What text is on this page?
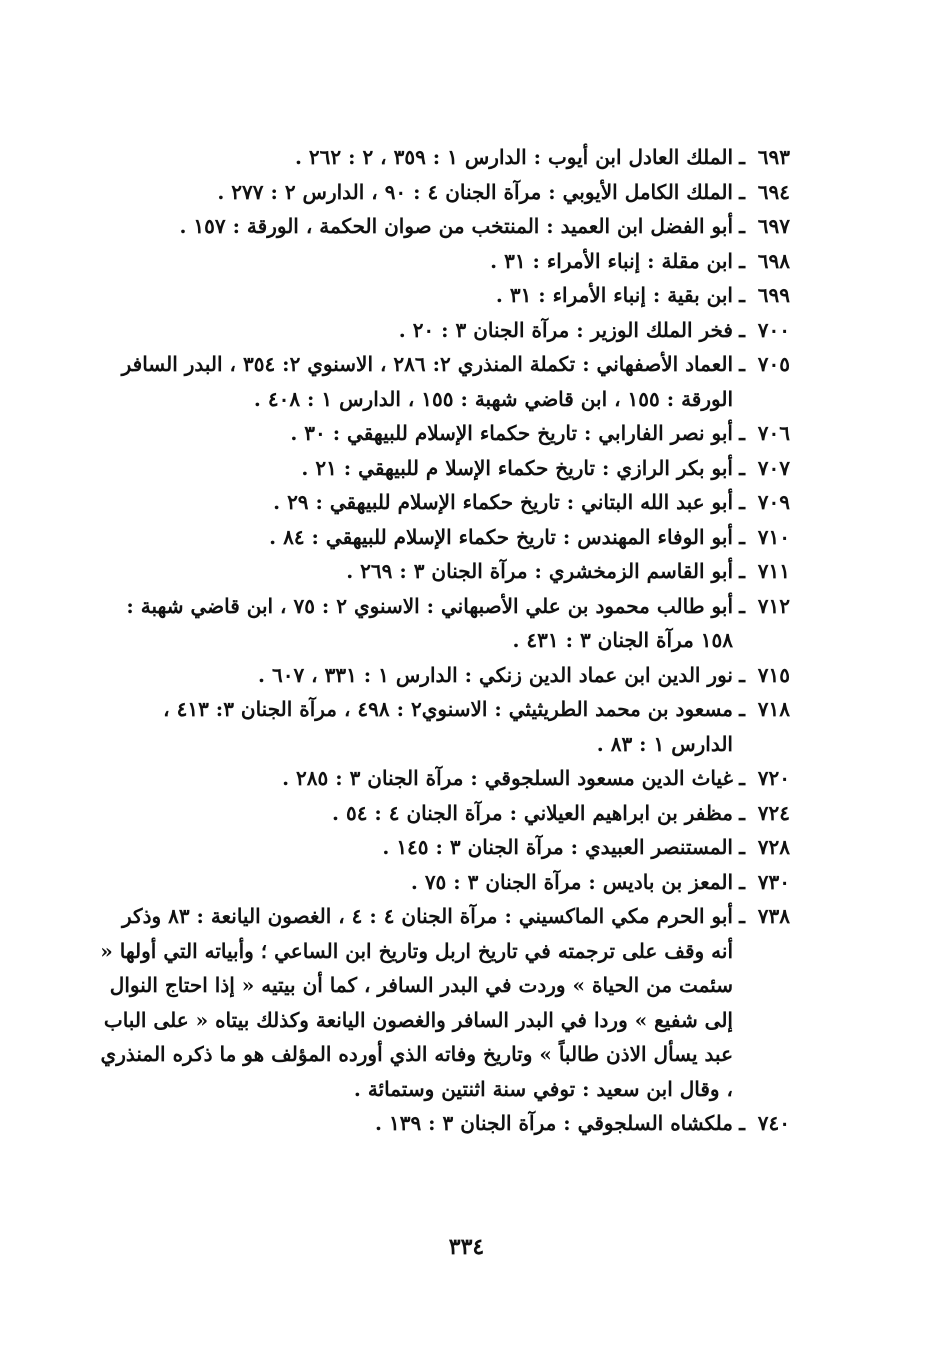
٦٩٣
ـ
الملك العادل ابن أيوب : الدارس ١ : ٣٥٩ ، ٢ : ٢٦٢ .
٦٩٤
ـ
الملك الكامل الأيوبي : مرآة الجنان ٤ : ٩٠ ، الدارس ٢ : ٢٧٧ .
٦٩٧
ـ
أبو الفضل ابن العميد : المنتخب من صوان الحكمة ، الورقة : ١٥٧ .
٦٩٨
ـ
ابن مقلة : إنباء الأمراء : ٣١ .
٦٩٩
ـ
ابن بقية : إنباء الأمراء : ٣١ .
٧٠٠
ـ
فخر الملك الوزير : مرآة الجنان ٣ : ٢٠ .
٧٠٥
ـ
العماد الأصفهاني : تكملة المنذري ٢: ٢٨٦ ، الاسنوي ٢: ٣٥٤ ، البدر السافر الورقة : ١٥٥ ، ابن قاضي شهبة : ١٥٥ ، الدارس ١ : ٤٠٨ .
٧٠٦
ـ
أبو نصر الفارابي : تاريخ حكماء الإسلام للبيهقي : ٣٠ .
٧٠٧
ـ
أبو بكر الرازي : تاريخ حكماء الإسلا م للبيهقي : ٢١ .
٧٠٩
ـ
أبو عبد الله البتاني : تاريخ حكماء الإسلام للبيهقي : ٢٩ .
٧١٠
ـ
أبو الوفاء المهندس : تاريخ حكماء الإسلام للبيهقي : ٨٤ .
٧١١
ـ
أبو القاسم الزمخشري : مرآة الجنان ٣ : ٢٦٩ .
٧١٢
ـ
أبو طالب محمود بن علي الأصبهاني : الاسنوي ٢ : ٧٥ ، ابن قاضي شهبة : ١٥٨ مرآة الجنان ٣ : ٤٣١ .
٧١٥
ـ
نور الدين ابن عماد الدين زنكي : الدارس ١ : ٣٣١ ، ٦٠٧ .
٧١٨
ـ
مسعود بن محمد الطريثيثي : الاسنوي٢ : ٤٩٨ ، مرآة الجنان ٣: ٤١٣ ، الدارس ١ : ٨٣ .
٧٢٠
ـ
غياث الدين مسعود السلجوقي : مرآة الجنان ٣ : ٢٨٥ .
٧٢٤
ـ
مظفر بن ابراهيم العيلاني : مرآة الجنان ٤ : ٥٤ .
٧٢٨
ـ
المستنصر العبيدي : مرآة الجنان ٣ : ١٤٥ .
٧٣٠
ـ
المعز بن باديس : مرآة الجنان ٣ : ٧٥ .
٧٣٨
ـ
أبو الحرم مكي الماكسيني : مرآة الجنان ٤ : ٤ ، الغصون اليانعة : ٨٣ وذكر أنه وقف على ترجمته في تاريخ اربل وتاريخ ابن الساعي ؛ وأبياته التي أولها « سئمت من الحياة » وردت في البدر السافر ، كما أن بيتيه « إذا احتاج النوال إلى شفيع » وردا في البدر السافر والغصون اليانعة وكذلك بيتاه « على الباب عبد يسأل الاذن طالباً » وتاريخ وفاته الذي أورده المؤلف هو ما ذكره المنذري ، وقال ابن سعيد : توفي سنة اثنتين وستمائة .
٧٤٠
ـ
ملكشاه السلجوقي : مرآة الجنان ٣ : ١٣٩ .
٣٣٤
